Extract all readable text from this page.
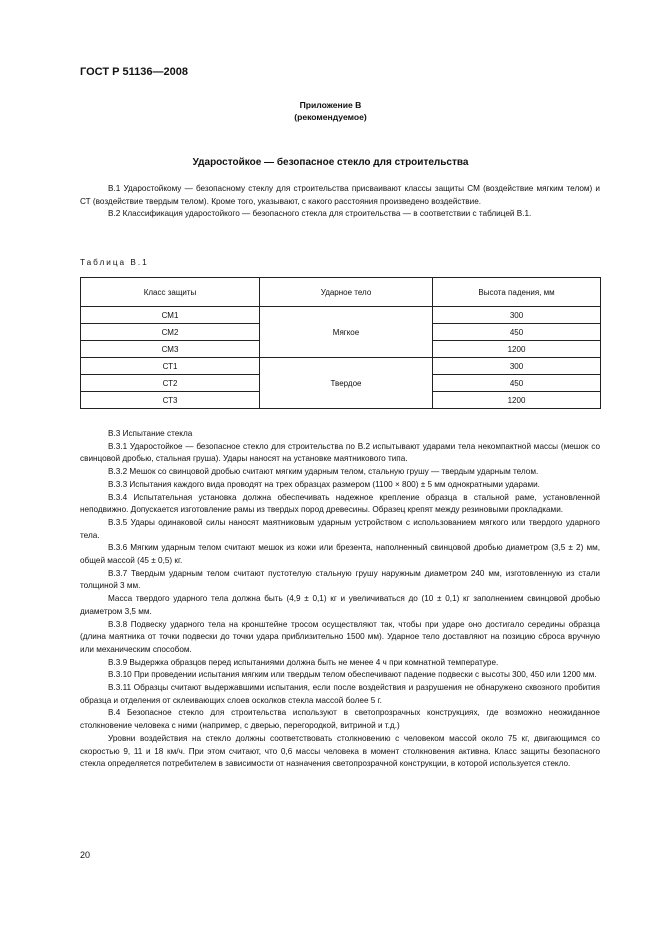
ГОСТ Р 51136—2008
Приложение В
(рекомендуемое)
Ударостойкое — безопасное стекло для строительства

В.1 Ударостойкому — безопасному стеклу для строительства присваивают классы защиты СМ (воздействие мягким телом) и СТ (воздействие твердым телом). Кроме того, указывают, с какого расстояния произведено воздействие.

В.2 Классификация ударостойкого — безопасного стекла для строительства — в соответствии с таблицей В.1.

Таблица В.1
Класс защиты	Ударное тело	Высота падения, мм
СМ1	Мягкое	300
СМ2		450
СМ3		1200
СТ1	Твердое	300
СТ2		450
СТ3		1200

В.3 Испытание стекла

В.3.1 Ударостойкое — безопасное стекло для строительства по В.2 испытывают ударами тела некомпактной массы (мешок со свинцовой дробью, стальная груша). Удары наносят на установке маятникового типа.

В.3.2 Мешок со свинцовой дробью считают мягким ударным телом, стальную грушу — твердым ударным телом.

В.3.3 Испытания каждого вида проводят на трех образцах размером (1100 × 800) ± 5 мм однократными ударами.

В.3.4 Испытательная установка должна обеспечивать надежное крепление образца в стальной раме, установленной неподвижно. Допускается изготовление рамы из твердых пород древесины. Образец крепят между резиновыми прокладками.

В.3.5 Удары одинаковой силы наносят маятниковым ударным устройством с использованием мягкого или твердого ударного тела.

В.3.6 Мягким ударным телом считают мешок из кожи или брезента, наполненный свинцовой дробью диаметром (3,5 ± 2) мм, общей массой (45 ± 0,5) кг.

В.3.7 Твердым ударным телом считают пустотелую стальную грушу наружным диаметром 240 мм, изготовленную из стали толщиной 3 мм.

Масса твердого ударного тела должна быть (4,9 ± 0,1) кг и увеличиваться до (10 ± 0,1) кг заполнением свинцовой дробью диаметром 3,5 мм.

В.3.8 Подвеску ударного тела на кронштейне тросом осуществляют так, чтобы при ударе оно достигало середины образца (длина маятника от точки подвески до точки удара приблизительно 1500 мм). Ударное тело доставляют на позицию сброса вручную или механическим способом.

В.3.9 Выдержка образцов перед испытаниями должна быть не менее 4 ч при комнатной температуре.

В.3.10 При проведении испытания мягким или твердым телом обеспечивают падение подвески с высоты 300, 450 или 1200 мм.

В.3.11 Образцы считают выдержавшими испытания, если после воздействия и разрушения не обнаружено сквозного пробития образца и отделения от склеивающих слоев осколков стекла массой более 5 г.

В.4 Безопасное стекло для строительства используют в светопрозрачных конструкциях, где возможно неожиданное столкновение человека с ними (например, с дверью, перегородкой, витриной и т.д.)

Уровни воздействия на стекло должны соответствовать столкновению с человеком массой около 75 кг, двигающимся со скоростью 9, 11 и 18 км/ч. При этом считают, что 0,6 массы человека в момент столкновения активна. Класс защиты безопасного стекла определяется потребителем в зависимости от назначения светопрозрачной конструкции, в которой используется стекло.

20
